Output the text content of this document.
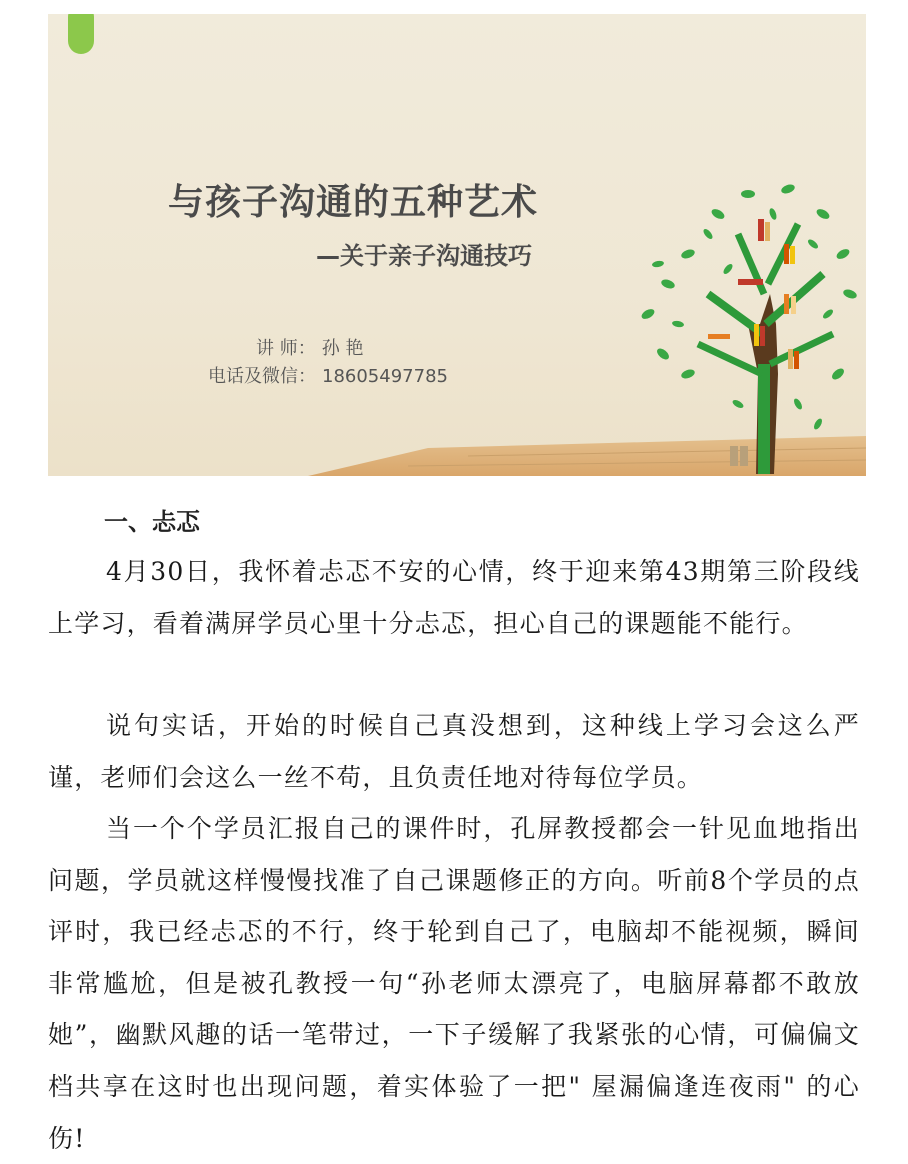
与孩子沟通的五种艺术
—关于亲子沟通技巧
讲 师： 孙 艳
电话及微信： 18605497785
一、忐忑

4月30日，我怀着忐忑不安的心情，终于迎来第43期第三阶段线上学习，看着满屏学员心里十分忐忑，担心自己的课题能不能行。

说句实话，开始的时候自己真没想到，这种线上学习会这么严谨，老师们会这么一丝不苟，且负责任地对待每位学员。

当一个个学员汇报自己的课件时，孔屏教授都会一针见血地指出问题，学员就这样慢慢找准了自己课题修正的方向。听前8个学员的点评时，我已经忐忑的不行，终于轮到自己了，电脑却不能视频，瞬间非常尴尬，但是被孔教授一句“孙老师太漂亮了，电脑屏幕都不敢放她”，幽默风趣的话一笔带过，一下子缓解了我紧张的心情，可偏偏文档共享在这时也出现问题，着实体验了一把" 屋漏偏逢连夜雨" 的心伤!
